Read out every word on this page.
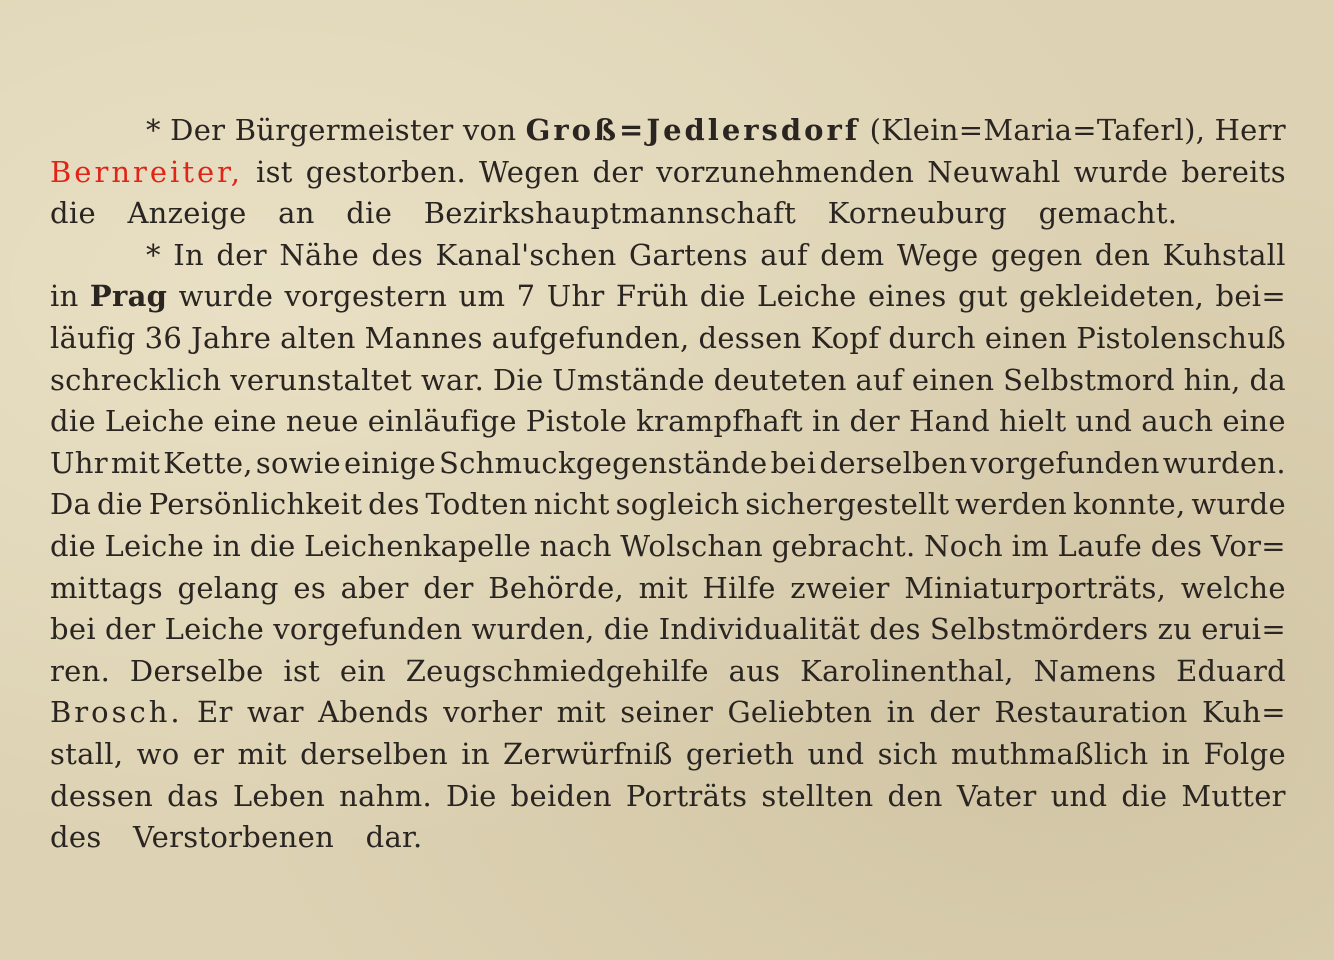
* Der Bürgermeister von Groß=Jedlersdorf (Klein=Maria=Taferl), Herr
Bernreiter, ist gestorben. Wegen der vorzunehmenden Neuwahl wurde bereits
die Anzeige an die Bezirkshauptmannschaft Korneuburg gemacht.
* In der Nähe des Kanal'schen Gartens auf dem Wege gegen den Kuhstall
in Prag wurde vorgestern um 7 Uhr Früh die Leiche eines gut gekleideten, bei=
läufig 36 Jahre alten Mannes aufgefunden, dessen Kopf durch einen Pistolenschuß
schrecklich verunstaltet war. Die Umstände deuteten auf einen Selbstmord hin, da
die Leiche eine neue einläufige Pistole krampfhaft in der Hand hielt und auch eine
Uhr mit Kette, sowie einige Schmuckgegenstände bei derselben vorgefunden wurden.
Da die Persönlichkeit des Todten nicht sogleich sichergestellt werden konnte, wurde
die Leiche in die Leichenkapelle nach Wolschan gebracht. Noch im Laufe des Vor=
mittags gelang es aber der Behörde, mit Hilfe zweier Miniaturporträts, welche
bei der Leiche vorgefunden wurden, die Individualität des Selbstmörders zu erui=
ren. Derselbe ist ein Zeugschmiedgehilfe aus Karolinenthal, Namens Eduard
Brosch. Er war Abends vorher mit seiner Geliebten in der Restauration Kuh=
stall, wo er mit derselben in Zerwürfniß gerieth und sich muthmaßlich in Folge
dessen das Leben nahm. Die beiden Porträts stellten den Vater und die Mutter
des Verstorbenen dar.
